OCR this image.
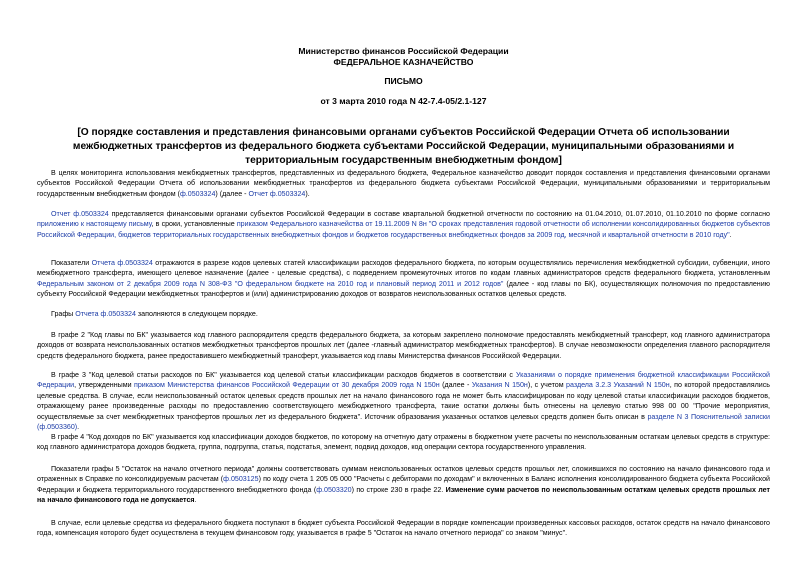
Министерство финансов Российской Федерации
ФЕДЕРАЛЬНОЕ КАЗНАЧЕЙСТВО
ПИСЬМО
от 3 марта 2010 года N 42-7.4-05/2.1-127
[О порядке составления и представления финансовыми органами субъектов Российской Федерации Отчета об использовании межбюджетных трансфертов из федерального бюджета субъектами Российской Федерации, муниципальными образованиями и территориальным государственным внебюджетным фондом]
В целях мониторинга использования межбюджетных трансфертов, представленных из федерального бюджета, Федеральное казначейство доводит порядок составления и представления финансовыми органами субъектов Российской Федерации Отчета об использовании межбюджетных трансфертов из федерального бюджета субъектами Российской Федерации, муниципальными образованиями и территориальным государственным внебюджетным фондом (ф.0503324) (далее - Отчет ф.0503324).
Отчет ф.0503324 представляется финансовыми органами субъектов Российской Федерации в составе квартальной бюджетной отчетности по состоянию на 01.04.2010, 01.07.2010, 01.10.2010 по форме согласно приложению к настоящему письму, в сроки, установленные приказом Федерального казначейства от 19.11.2009 N 8н "О сроках представления годовой отчетности об исполнении консолидированных бюджетов субъектов Российской Федерации, бюджетов территориальных государственных внебюджетных фондов и бюджетов государственных внебюджетных фондов за 2009 год, месячной и квартальной отчетности в 2010 году".
Показатели Отчета ф.0503324 отражаются в разрезе кодов целевых статей классификации расходов федерального бюджета, по которым осуществлялись перечисления межбюджетной субсидии, субвенции, иного межбюджетного трансферта, имеющего целевое назначение (далее - целевые средства), с подведением промежуточных итогов по кодам главных администраторов средств федерального бюджета, установленным Федеральным законом от 2 декабря 2009 года N 308-ФЗ "О федеральном бюджете на 2010 год и плановый период 2011 и 2012 годов" (далее - код главы по БК), осуществляющих полномочия по предоставлению субъекту Российской Федерации межбюджетных трансфертов и (или) администрированию доходов от возвратов неиспользованных остатков целевых средств.
Графы Отчета ф.0503324 заполняются в следующем порядке.
В графе 2 "Код главы по БК" указывается код главного распорядителя средств федерального бюджета, за которым закреплено полномочие предоставлять межбюджетный трансферт, код главного администратора доходов от возврата неиспользованных остатков межбюджетных трансфертов прошлых лет (далее -главный администратор межбюджетных трансфертов). В случае невозможности определения главного распорядителя средств федерального бюджета, ранее предоставившего межбюджетный трансферт, указывается код главы Министерства финансов Российской Федерации.
В графе 3 "Код целевой статьи расходов по БК" указывается код целевой статьи классификации расходов бюджетов в соответствии с Указаниями о порядке применения бюджетной классификации Российской Федерации, утвержденными приказом Министерства финансов Российской Федерации от 30 декабря 2009 года N 150н (далее - Указания N 150н), с учетом раздела 3.2.3 Указаний N 150н, по которой предоставлялись целевые средства. В случае, если неиспользованный остаток целевых средств прошлых лет на начало финансового года не может быть классифицирован по коду целевой статьи классификации расходов бюджетов, отражающему ранее произведенные расходы по предоставлению соответствующего межбюджетного трансферта, такие остатки должны быть отнесены на целевую статью 998 00 00 "Прочие мероприятия, осуществляемые за счет межбюджетных трансфертов прошлых лет из федерального бюджета". Источник образования указанных остатков целевых средств должен быть описан в разделе N 3 Пояснительной записки (ф.0503360).
В графе 4 "Код доходов по БК" указывается код классификации доходов бюджетов, по которому на отчетную дату отражены в бюджетном учете расчеты по неиспользованным остаткам целевых средств в структуре: код главного администратора доходов бюджета, группа, подгруппа, статья, подстатья, элемент, подвид доходов, код операции сектора государственного управления.
Показатели графы 5 "Остаток на начало отчетного периода" должны соответствовать суммам неиспользованных остатков целевых средств прошлых лет, сложившихся по состоянию на начало финансового года и отраженных в Справке по консолидируемым расчетам (ф.0503125) по коду счета 1 205 05 000 "Расчеты с дебиторами по доходам" и включенных в Баланс исполнения консолидированного бюджета субъекта Российской Федерации и бюджета территориального государственного внебюджетного фонда (ф.0503320) по строке 230 в графе 22. Изменение сумм расчетов по неиспользованным остаткам целевых средств прошлых лет на начало финансового года не допускается.
В случае, если целевые средства из федерального бюджета поступают в бюджет субъекта Российской Федерации в порядке компенсации произведенных кассовых расходов, остаток средств на начало финансового года, компенсация которого будет осуществлена в текущем финансовом году, указывается в графе 5 "Остаток на начало отчетного периода" со знаком "минус".
